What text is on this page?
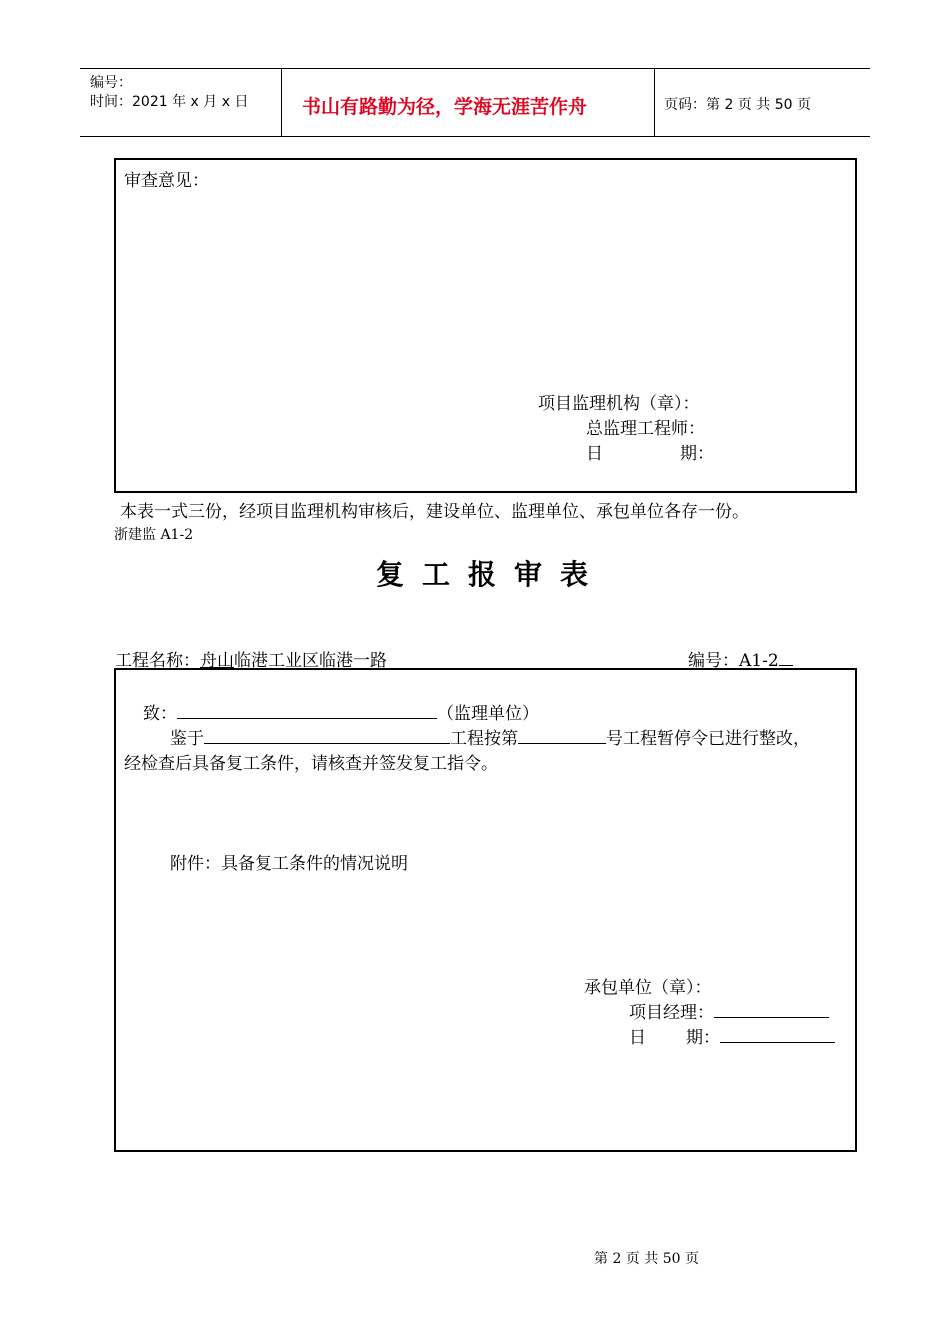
编号：
时间：2021 年 x 月 x 日	书山有路勤为径，学海无涯苦作舟	页码：第 2 页 共 50 页
审查意见：
项目监理机构（章）：
总监理工程师：
日	期：
本表一式三份，经项目监理机构审核后，建设单位、监理单位、承包单位各存一份。
浙建监 A1-2
复工报审表
工程名称：舟山临港工业区临港一路	编号：A1-2
致：	（监理单位）
鉴于	工程按第	号工程暂停令已进行整改，
经检查后具备复工条件，请核查并签发复工指令。
附件：具备复工条件的情况说明
承包单位（章）：
项目经理：
日 期：
第 2 页 共 50 页
